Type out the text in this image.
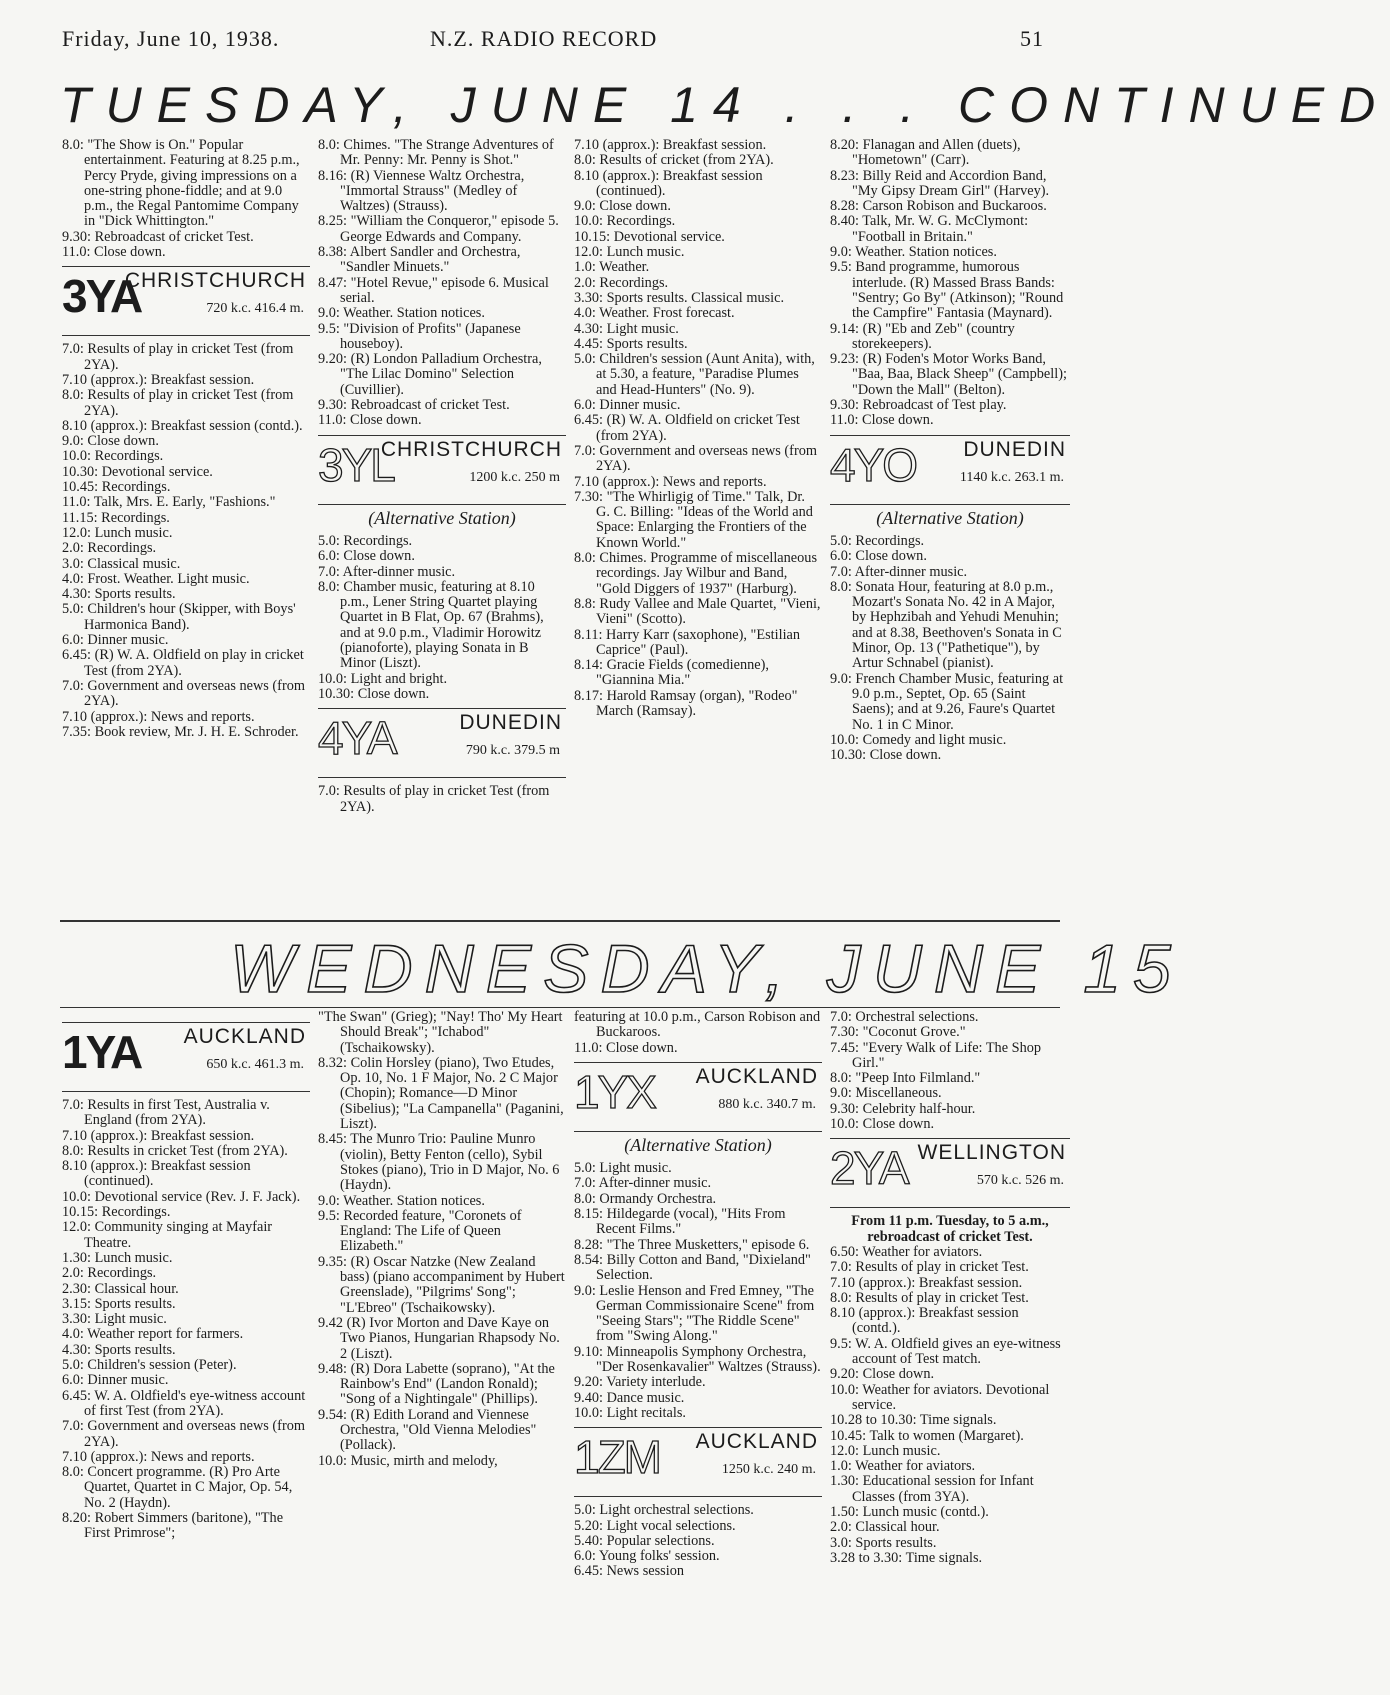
Friday, June 10, 1938.	N.Z. RADIO RECORD	51
TUESDAY, JUNE 14 . . . CONTINUED

8.0: "The Show is On." Popular entertainment. Featuring at 8.25 p.m., Percy Pryde, giving impressions on a one-string phone-fiddle; and at 9.0 p.m., the Regal Pantomime Company in "Dick Whittington."

9.30: Rebroadcast of cricket Test.

11.0: Close down.

3YA
CHRISTCHURCH
720 k.c. 416.4 m.

7.0: Results of play in cricket Test (from 2YA).

7.10 (approx.): Breakfast session.

8.0: Results of play in cricket Test (from 2YA).

8.10 (approx.): Breakfast session (contd.).

9.0: Close down.

10.0: Recordings.

10.30: Devotional service.

10.45: Recordings.

11.0: Talk, Mrs. E. Early, "Fashions."

11.15: Recordings.

12.0: Lunch music.

2.0: Recordings.

3.0: Classical music.

4.0: Frost. Weather. Light music.

4.30: Sports results.

5.0: Children's hour (Skipper, with Boys' Harmonica Band).

6.0: Dinner music.

6.45: (R) W. A. Oldfield on play in cricket Test (from 2YA).

7.0: Government and overseas news (from 2YA).

7.10 (approx.): News and reports.

7.35: Book review, Mr. J. H. E. Schroder.

8.0: Chimes. "The Strange Adventures of Mr. Penny: Mr. Penny is Shot."

8.16: (R) Viennese Waltz Orchestra, "Immortal Strauss" (Medley of Waltzes) (Strauss).

8.25: "William the Conqueror," episode 5. George Edwards and Company.

8.38: Albert Sandler and Orchestra, "Sandler Minuets."

8.47: "Hotel Revue," episode 6. Musical serial.

9.0: Weather. Station notices.

9.5: "Division of Profits" (Japanese houseboy).

9.20: (R) London Palladium Orchestra, "The Lilac Domino" Selection (Cuvillier).

9.30: Rebroadcast of cricket Test.

11.0: Close down.

3YL
CHRISTCHURCH
1200 k.c. 250 m
(Alternative Station)

5.0: Recordings.

6.0: Close down.

7.0: After-dinner music.

8.0: Chamber music, featuring at 8.10 p.m., Lener String Quartet playing Quartet in B Flat, Op. 67 (Brahms), and at 9.0 p.m., Vladimir Horowitz (pianoforte), playing Sonata in B Minor (Liszt).

10.0: Light and bright.

10.30: Close down.

4YA	DUNEDIN
790 k.c. 379.5 m

7.0: Results of play in cricket Test (from 2YA).

7.10 (approx.): Breakfast session.

8.0: Results of cricket (from 2YA).

8.10 (approx.): Breakfast session (continued).

9.0: Close down.

10.0: Recordings.

10.15: Devotional service.

12.0: Lunch music.

1.0: Weather.

2.0: Recordings.

3.30: Sports results. Classical music.

4.0: Weather. Frost forecast.

4.30: Light music.

4.45: Sports results.

5.0: Children's session (Aunt Anita), with, at 5.30, a feature, "Paradise Plumes and Head-Hunters" (No. 9).

6.0: Dinner music.

6.45: (R) W. A. Oldfield on cricket Test (from 2YA).

7.0: Government and overseas news (from 2YA).

7.10 (approx.): News and reports.

7.30: "The Whirligig of Time." Talk, Dr. G. C. Billing: "Ideas of the World and Space: Enlarging the Frontiers of the Known World."

8.0: Chimes. Programme of miscellaneous recordings. Jay Wilbur and Band, "Gold Diggers of 1937" (Harburg).

8.8: Rudy Vallee and Male Quartet, "Vieni, Vieni" (Scotto).

8.11: Harry Karr (saxophone), "Estilian Caprice" (Paul).

8.14: Gracie Fields (comedienne), "Giannina Mia."

8.17: Harold Ramsay (organ), "Rodeo" March (Ramsay).

8.20: Flanagan and Allen (duets), "Hometown" (Carr).

8.23: Billy Reid and Accordion Band, "My Gipsy Dream Girl" (Harvey).

8.28: Carson Robison and Buckaroos.

8.40: Talk, Mr. W. G. McClymont: "Football in Britain."

9.0: Weather. Station notices.

9.5: Band programme, humorous interlude. (R) Massed Brass Bands: "Sentry; Go By" (Atkinson); "Round the Campfire" Fantasia (Maynard).

9.14: (R) "Eb and Zeb" (country storekeepers).

9.23: (R) Foden's Motor Works Band, "Baa, Baa, Black Sheep" (Campbell); "Down the Mall" (Belton).

9.30: Rebroadcast of Test play.

11.0: Close down.

4YO DUNEDIN
1140 k.c. 263.1 m.
(Alternative Station)

5.0: Recordings.

6.0: Close down.

7.0: After-dinner music.

8.0: Sonata Hour, featuring at 8.0 p.m., Mozart's Sonata No. 42 in A Major, by Hephzibah and Yehudi Menuhin; and at 8.38, Beethoven's Sonata in C Minor, Op. 13 ("Pathetique"), by Artur Schnabel (pianist).

9.0: French Chamber Music, featuring at 9.0 p.m., Septet, Op. 65 (Saint Saens); and at 9.26, Faure's Quartet No. 1 in C Minor.

10.0: Comedy and light music.

10.30: Close down.

WEDNESDAY, JUNE 15
1YA AUCKLAND
650 k.c. 461.3 m.

7.0: Results in first Test, Australia v. England (from 2YA).

7.10 (approx.): Breakfast session.

8.0: Results in cricket Test (from 2YA).

8.10 (approx.): Breakfast session (continued).

10.0: Devotional service (Rev. J. F. Jack).

10.15: Recordings.

12.0: Community singing at Mayfair Theatre.

1.30: Lunch music.

2.0: Recordings.

2.30: Classical hour.

3.15: Sports results.

3.30: Light music.

4.0: Weather report for farmers.

4.30: Sports results.

5.0: Children's session (Peter).

6.0: Dinner music.

6.45: W. A. Oldfield's eye-witness account of first Test (from 2YA).

7.0: Government and overseas news (from 2YA).

7.10 (approx.): News and reports.

8.0: Concert programme. (R) Pro Arte Quartet, Quartet in C Major, Op. 54, No. 2 (Haydn).

8.20: Robert Simmers (baritone), "The First Primrose";

"The Swan" (Grieg); "Nay! Tho' My Heart Should Break"; "Ichabod" (Tschaikowsky).

8.32: Colin Horsley (piano), Two Etudes, Op. 10, No. 1 F Major, No. 2 C Major (Chopin); Romance—D Minor (Sibelius); "La Campanella" (Paganini, Liszt).

8.45: The Munro Trio: Pauline Munro (violin), Betty Fenton (cello), Sybil Stokes (piano), Trio in D Major, No. 6 (Haydn).

9.0: Weather. Station notices.

9.5: Recorded feature, "Coronets of England: The Life of Queen Elizabeth."

9.35: (R) Oscar Natzke (New Zealand bass) (piano accompaniment by Hubert Greenslade), "Pilgrims' Song"; "L'Ebreo" (Tschaikowsky).

9.42 (R) Ivor Morton and Dave Kaye on Two Pianos, Hungarian Rhapsody No. 2 (Liszt).

9.48: (R) Dora Labette (soprano), "At the Rainbow's End" (Landon Ronald); "Song of a Nightingale" (Phillips).

9.54: (R) Edith Lorand and Viennese Orchestra, "Old Vienna Melodies" (Pollack).

10.0: Music, mirth and melody,

featuring at 10.0 p.m., Carson Robison and Buckaroos.

11.0: Close down.

1YX AUCKLAND
880 k.c. 340.7 m.
(Alternative Station)

5.0: Light music.

7.0: After-dinner music.

8.0: Ormandy Orchestra.

8.15: Hildegarde (vocal), "Hits From Recent Films."

8.28: "The Three Musketters," episode 6.

8.54: Billy Cotton and Band, "Dixieland" Selection.

9.0: Leslie Henson and Fred Emney, "The German Commissionaire Scene" from "Seeing Stars"; "The Riddle Scene" from "Swing Along."

9.10: Minneapolis Symphony Orchestra, "Der Rosenkavalier" Waltzes (Strauss).

9.20: Variety interlude.

9.40: Dance music.

10.0: Light recitals.

1ZM AUCKLAND
1250 k.c. 240 m.

5.0: Light orchestral selections.

5.20: Light vocal selections.

5.40: Popular selections.

6.0: Young folks' session.

6.45: News session

7.0: Orchestral selections.

7.30: "Coconut Grove."

7.45: "Every Walk of Life: The Shop Girl."

8.0: "Peep Into Filmland."

9.0: Miscellaneous.

9.30: Celebrity half-hour.

10.0: Close down.

2YA WELLINGTON
570 k.c. 526 m.

From 11 p.m. Tuesday, to 5 a.m., rebroadcast of cricket Test.

6.50: Weather for aviators.

7.0: Results of play in cricket Test.

7.10 (approx.): Breakfast session.

8.0: Results of play in cricket Test.

8.10 (approx.): Breakfast session (contd.).

9.5: W. A. Oldfield gives an eye-witness account of Test match.

9.20: Close down.

10.0: Weather for aviators. Devotional service.

10.28 to 10.30: Time signals.

10.45: Talk to women (Margaret).

12.0: Lunch music.

1.0: Weather for aviators.

1.30: Educational session for Infant Classes (from 3YA).

1.50: Lunch music (contd.).

2.0: Classical hour.

3.0: Sports results.

3.28 to 3.30: Time signals.
